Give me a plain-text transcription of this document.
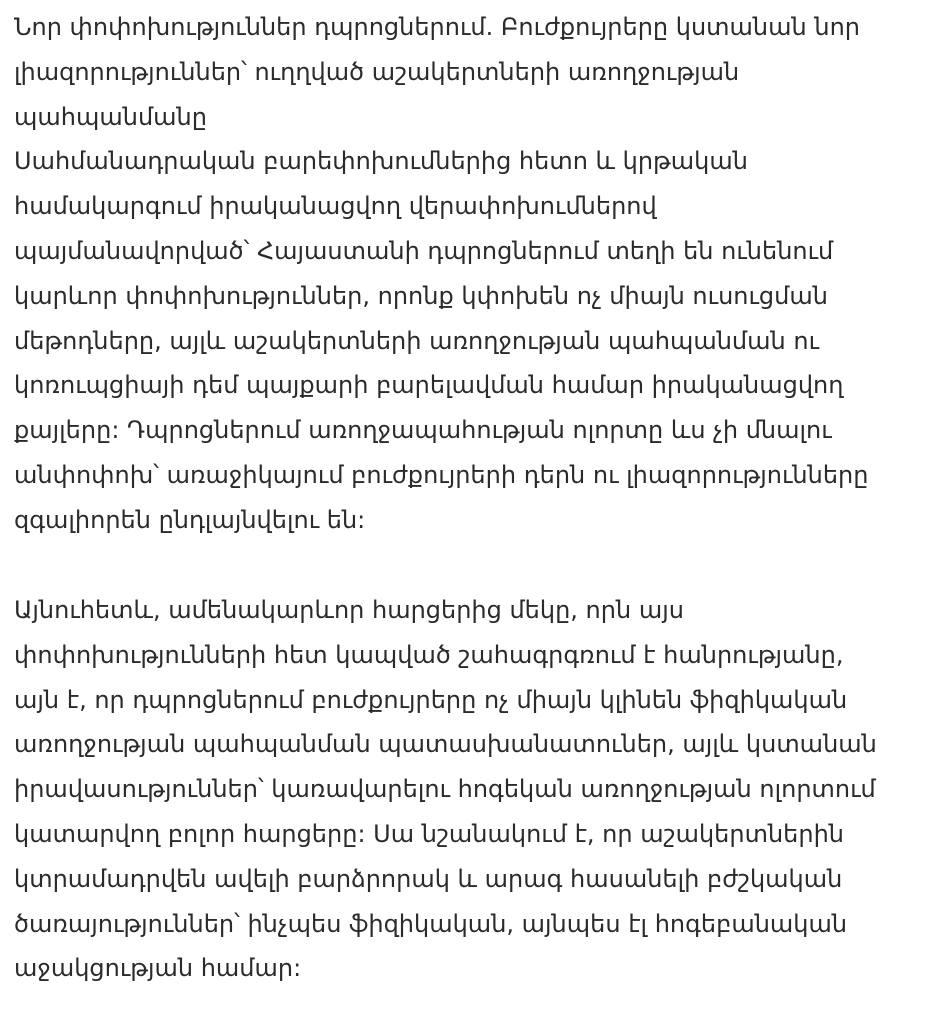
Նոր փոփոխություններ դպրոցներում. Բուժքույրերը կստանան նոր
լիազորություններ՝ ուղղված աշակերտների առողջության
պահպանմանը
Սահմանադրական բարեփոխումներից հետո և կրթական
համակարգում իրականացվող վերափոխումներով
պայմանավորված՝ Հայաստանի դպրոցներում տեղի են ունենում
կարևոր փոփոխություններ, որոնք կփոխեն ոչ միայն ուսուցման
մեթոդները, այլև աշակերտների առողջության պահպանման ու
կոռուպցիայի դեմ պայքարի բարելավման համար իրականացվող
քայլերը: Դպրոցներում առողջապահության ոլորտը ևս չի մնալու
անփոփոխ՝ առաջիկայում բուժքույրերի դերն ու լիազորությունները
զգալիորեն ընդլայնվելու են:

Այնուհետև, ամենակարևոր հարցերից մեկը, որն այս
փոփոխությունների հետ կապված շահագրգռում է հանրությանը,
այն է, որ դպրոցներում բուժքույրերը ոչ միայն կլինեն ֆիզիկական
առողջության պահպանման պատասխանատուներ, այլև կստանան
իրավասություններ՝ կառավարելու հոգեկան առողջության ոլորտում
կատարվող բոլոր հարցերը: Սա նշանակում է, որ աշակերտներին
կտրամադրվեն ավելի բարձրորակ և արագ հասանելի բժշկական
ծառայություններ՝ ինչպես ֆիզիկական, այնպես էլ հոգեբանական
աջակցության համար:
